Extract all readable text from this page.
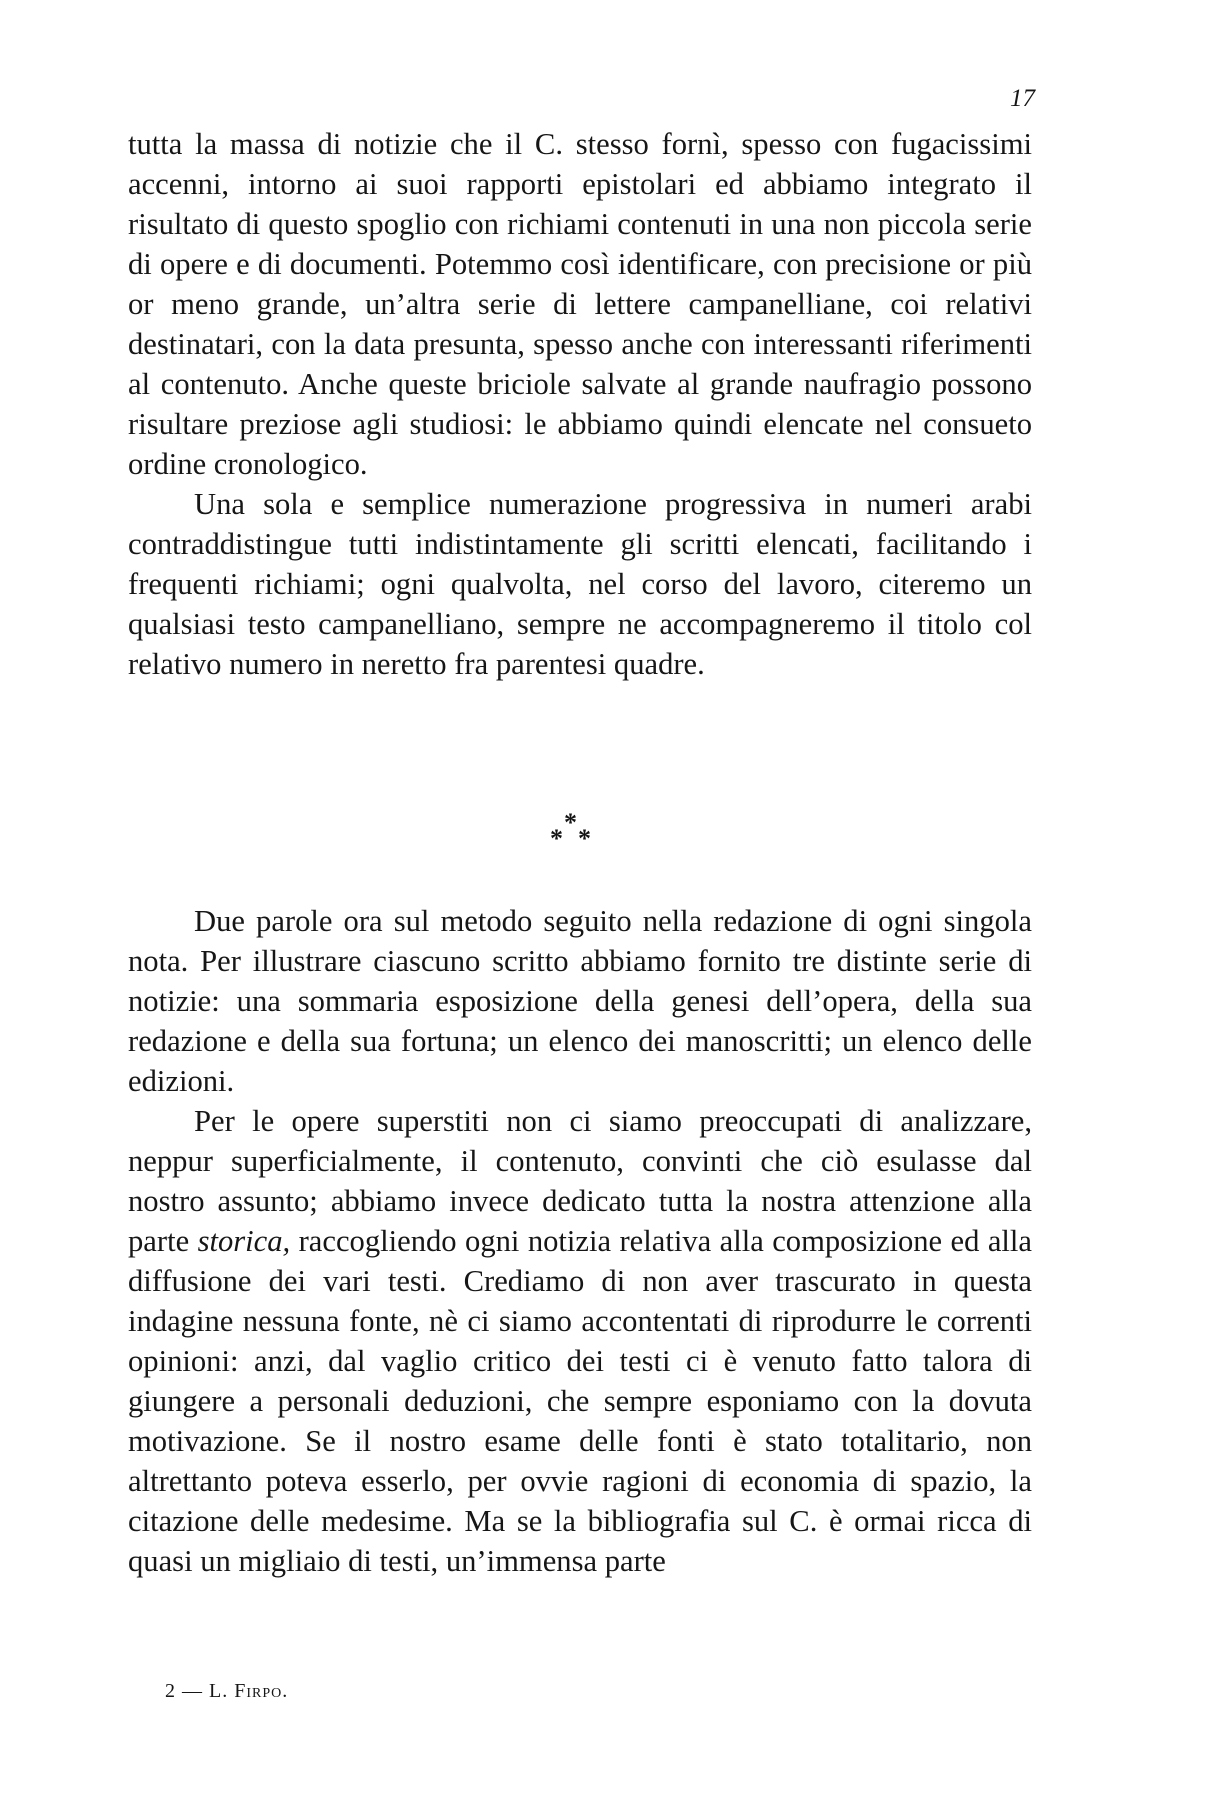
17

tutta la massa di notizie che il C. stesso fornì, spesso con fugacissimi accenni, intorno ai suoi rapporti epistolari ed abbiamo integrato il risultato di questo spoglio con richiami contenuti in una non piccola serie di opere e di documenti. Potemmo così identificare, con precisione or più or meno grande, un’altra serie di lettere campanelliane, coi relativi destinatari, con la data presunta, spesso anche con interessanti riferimenti al contenuto. Anche queste briciole salvate al grande naufragio possono risultare preziose agli studiosi: le abbiamo quindi elencate nel consueto ordine cronologico.

Una sola e semplice numerazione progressiva in numeri arabi contraddistingue tutti indistintamente gli scritti elencati, facilitando i frequenti richiami; ogni qualvolta, nel corso del lavoro, citeremo un qualsiasi testo campanelliano, sempre ne accompagneremo il titolo col relativo numero in neretto fra parentesi quadre.

*
* *

Due parole ora sul metodo seguito nella redazione di ogni singola nota. Per illustrare ciascuno scritto abbiamo fornito tre distinte serie di notizie: una sommaria esposizione della genesi dell’opera, della sua redazione e della sua fortuna; un elenco dei manoscritti; un elenco delle edizioni.

Per le opere superstiti non ci siamo preoccupati di analizzare, neppur superficialmente, il contenuto, convinti che ciò esulasse dal nostro assunto; abbiamo invece dedicato tutta la nostra attenzione alla parte storica, raccogliendo ogni notizia relativa alla composizione ed alla diffusione dei vari testi. Crediamo di non aver trascurato in questa indagine nessuna fonte, nè ci siamo accontentati di riprodurre le correnti opinioni: anzi, dal vaglio critico dei testi ci è venuto fatto talora di giungere a personali deduzioni, che sempre esponiamo con la dovuta motivazione. Se il nostro esame delle fonti è stato totalitario, non altrettanto poteva esserlo, per ovvie ragioni di economia di spazio, la citazione delle medesime. Ma se la bibliografia sul C. è ormai ricca di quasi un migliaio di testi, un’immensa parte

2 — L. Firpo.
